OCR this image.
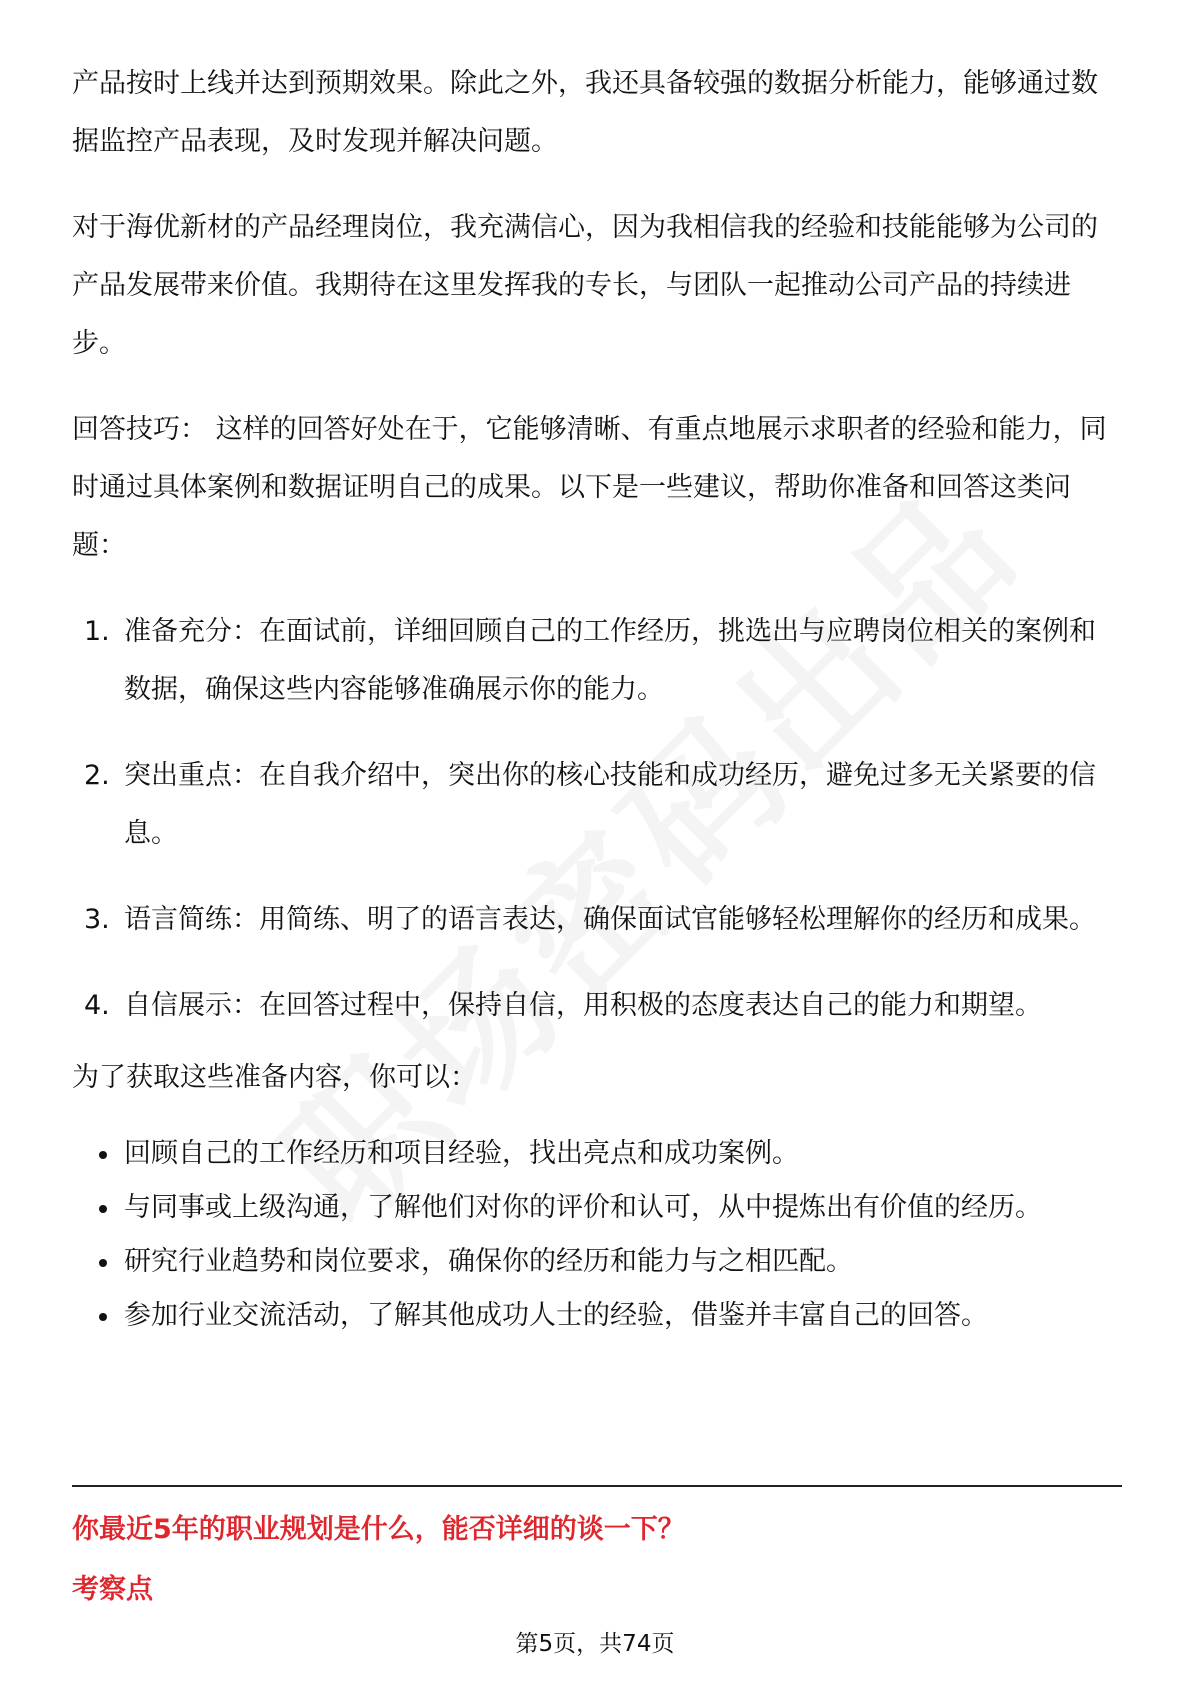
产品按时上线并达到预期效果。除此之外，我还具备较强的数据分析能力，能够通过数据监控产品表现，及时发现并解决问题。

对于海优新材的产品经理岗位，我充满信心，因为我相信我的经验和技能能够为公司的产品发展带来价值。我期待在这里发挥我的专长，与团队一起推动公司产品的持续进步。

回答技巧： 这样的回答好处在于，它能够清晰、有重点地展示求职者的经验和能力，同时通过具体案例和数据证明自己的成果。以下是一些建议，帮助你准备和回答这类问题：

1. 准备充分：在面试前，详细回顾自己的工作经历，挑选出与应聘岗位相关的案例和数据，确保这些内容能够准确展示你的能力。
2. 突出重点：在自我介绍中，突出你的核心技能和成功经历，避免过多无关紧要的信息。
3. 语言简练：用简练、明了的语言表达，确保面试官能够轻松理解你的经历和成果。
4. 自信展示：在回答过程中，保持自信，用积极的态度表达自己的能力和期望。

为了获取这些准备内容，你可以：

回顾自己的工作经历和项目经验，找出亮点和成功案例。
与同事或上级沟通，了解他们对你的评价和认可，从中提炼出有价值的经历。
研究行业趋势和岗位要求，确保你的经历和能力与之相匹配。
参加行业交流活动，了解其他成功人士的经验，借鉴并丰富自己的回答。
你最近5年的职业规划是什么，能否详细的谈一下？
考察点
第5页，共74页
